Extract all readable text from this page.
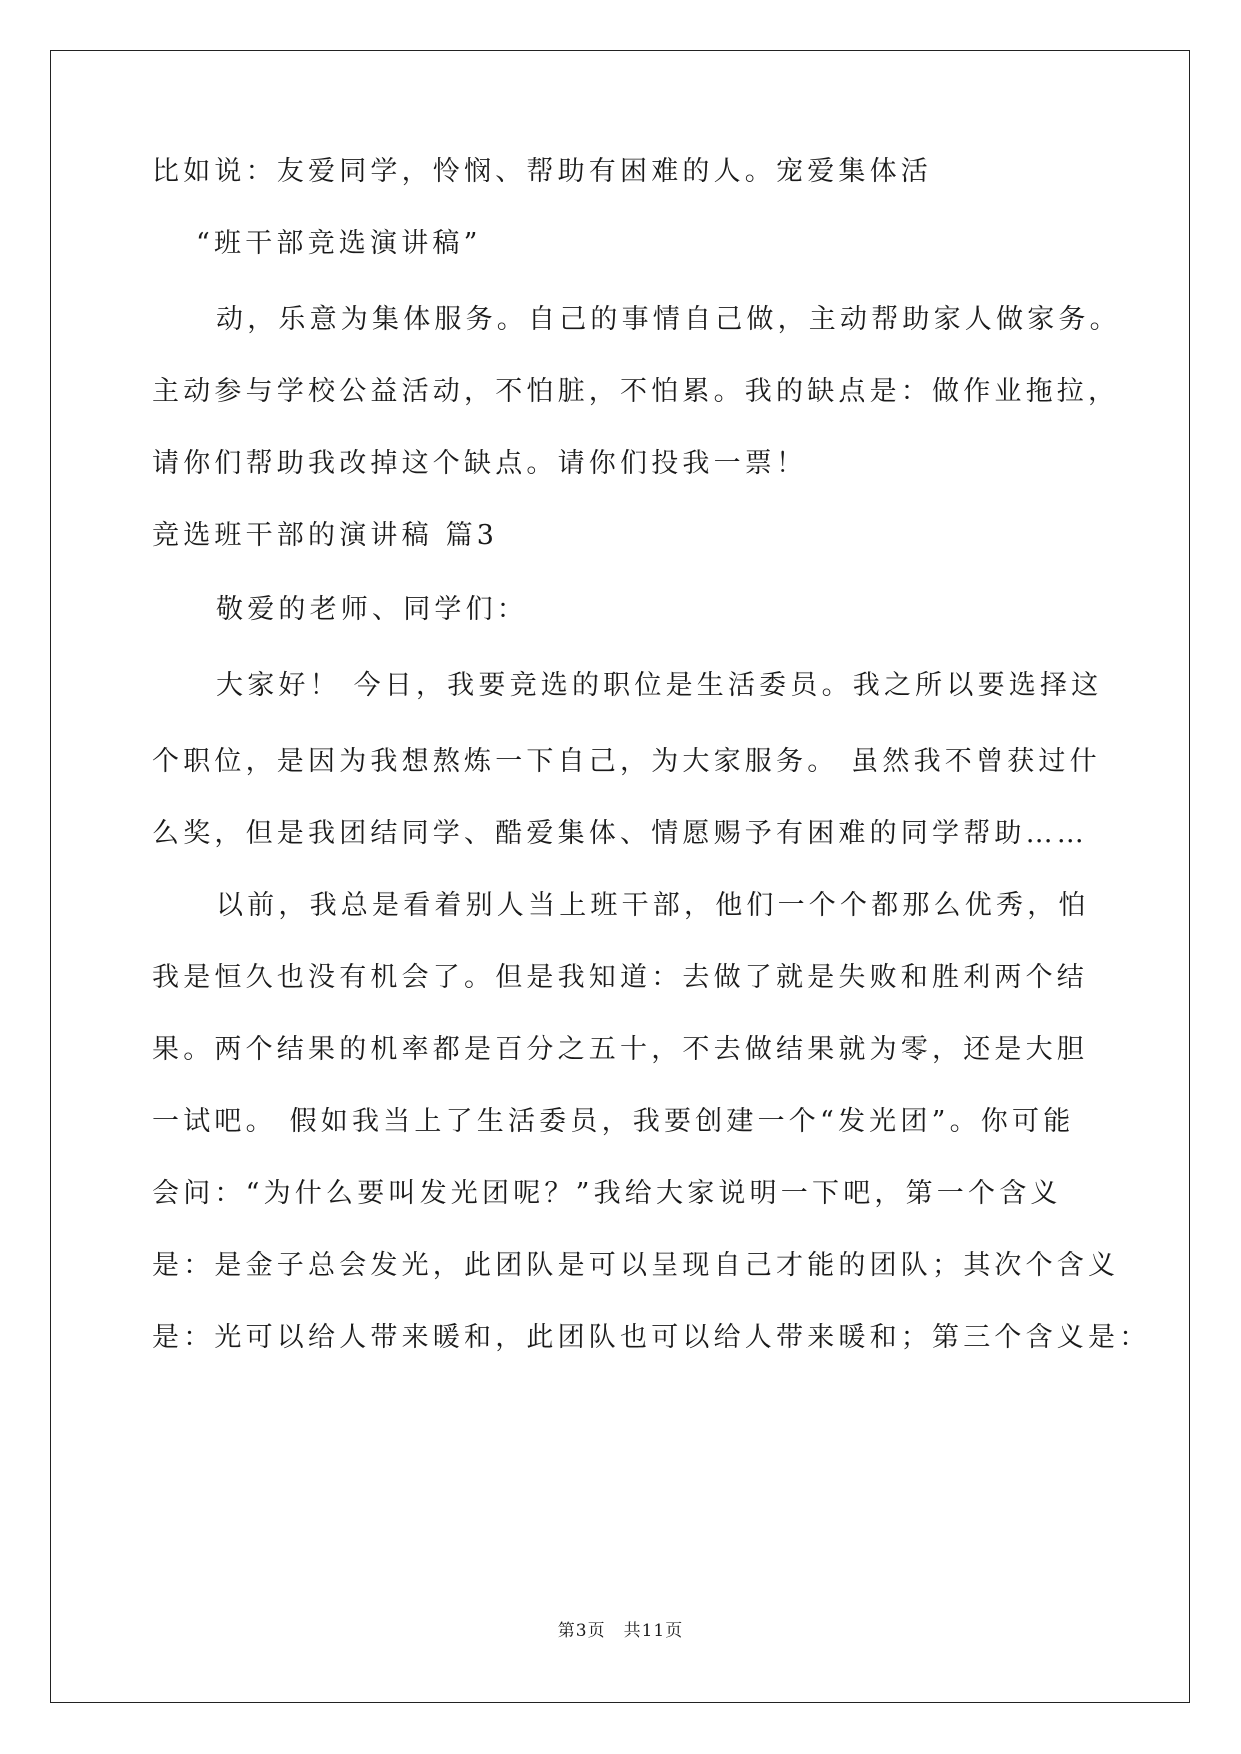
比如说：友爱同学，怜悯、帮助有困难的人。宠爱集体活
“班干部竞选演讲稿”
动，乐意为集体服务。自己的事情自己做，主动帮助家人做家务。
主动参与学校公益活动，不怕脏，不怕累。我的缺点是：做作业拖拉，
请你们帮助我改掉这个缺点。请你们投我一票！
竞选班干部的演讲稿 篇3
敬爱的老师、同学们：
大家好！ 今日，我要竞选的职位是生活委员。我之所以要选择这
个职位，是因为我想熬炼一下自己，为大家服务。 虽然我不曾获过什
么奖，但是我团结同学、酷爱集体、情愿赐予有困难的同学帮助……
以前，我总是看着别人当上班干部，他们一个个都那么优秀，怕
我是恒久也没有机会了。但是我知道：去做了就是失败和胜利两个结
果。两个结果的机率都是百分之五十，不去做结果就为零，还是大胆
一试吧。 假如我当上了生活委员，我要创建一个“发光团”。你可能
会问：“为什么要叫发光团呢？”我给大家说明一下吧，第一个含义
是：是金子总会发光，此团队是可以呈现自己才能的团队；其次个含义
是：光可以给人带来暖和，此团队也可以给人带来暖和；第三个含义是：
第3页　共11页
